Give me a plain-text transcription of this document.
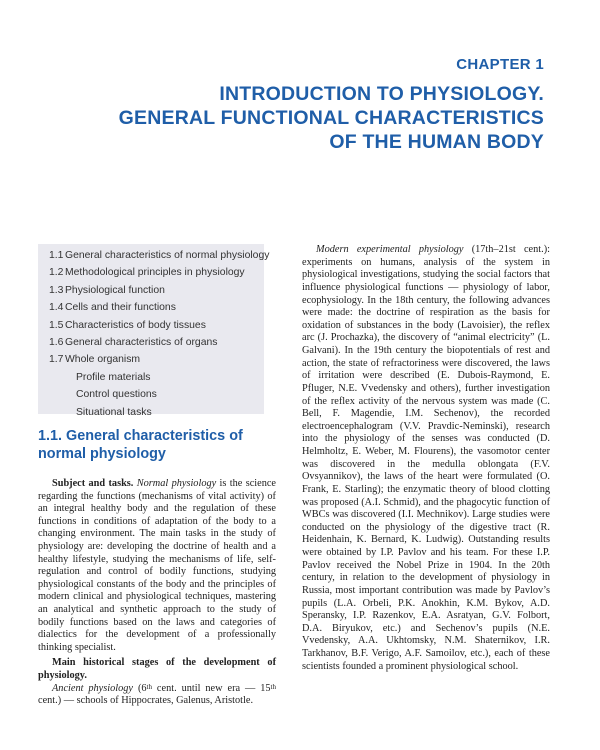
CHAPTER 1
INTRODUCTION TO PHYSIOLOGY.
GENERAL FUNCTIONAL CHARACTERISTICS
OF THE HUMAN BODY
1.1 General characteristics of normal physiology
1.2 Methodological principles in physiology
1.3 Physiological function
1.4 Cells and their functions
1.5 Characteristics of body tissues
1.6 General characteristics of organs
1.7 Whole organism
Profile materials
Control questions
Situational tasks
1.1. General characteristics of normal physiology

Subject and tasks. Normal physiology is the science regarding the functions (mechanisms of vital activity) of an integral healthy body and the regulation of these functions in conditions of adaptation of the body to a changing environment. The main tasks in the study of physiology are: developing the doctrine of health and a healthy lifestyle, studying the mechanisms of life, self-regulation and control of bodily functions, studying physiological constants of the body and the principles of modern clinical and physiological techniques, mastering an analytical and synthetic approach to the study of bodily functions based on the laws and categories of dialectics for the development of a professionally thinking specialist.

Main historical stages of the development of physiology.

Ancient physiology (6th cent. until new era — 15th cent.) — schools of Hippocrates, Galenus, Aristotle.

Modern experimental physiology (17th–21st cent.): experiments on humans, analysis of the system in physiological investigations, studying the social factors that influence physiological functions — physiology of labor, ecophysiology. In the 18th century, the following advances were made: the doctrine of respiration as the basis for oxidation of substances in the body (Lavoisier), the reflex arc (J. Prochazka), the discovery of “animal electricity” (L. Galvani). In the 19th century the biopotentials of rest and action, the state of refractoriness were discovered, the laws of irritation were described (E. Dubois-Raymond, E. Pfluger, N.E. Vvedensky and others), further investigation of the reflex activity of the nervous system was made (C. Bell, F. Magendie, I.M. Sechenov), the recorded electroencephalogram (V.V. Pravdic-Neminski), research into the physiology of the senses was conducted (D. Helmholtz, E. Weber, M. Flourens), the vasomotor center was discovered in the medulla oblongata (F.V. Ovsyannikov), the laws of the heart were formulated (O. Frank, E. Starling); the enzymatic theory of blood clotting was proposed (A.I. Schmid), and the phagocytic function of WBCs was discovered (I.I. Mechnikov). Large studies were conducted on the physiology of the digestive tract (R. Heidenhain, K. Bernard, K. Ludwig). Outstanding results were obtained by I.P. Pavlov and his team. For these I.P. Pavlov received the Nobel Prize in 1904. In the 20th century, in relation to the development of physiology in Russia, most important contribution was made by Pavlov’s pupils (L.A. Orbeli, P.K. Anokhin, K.M. Bykov, A.D. Speransky, I.P. Razenkov, E.A. Asratyan, G.V. Folbort, D.A. Biryukov, etc.) and Sechenov’s pupils (N.E. Vvedensky, A.A. Ukhtomsky, N.M. Shaternikov, I.R. Tarkhanov, B.F. Verigo, A.F. Samoilov, etc.), each of these scientists founded a prominent physiological school.
